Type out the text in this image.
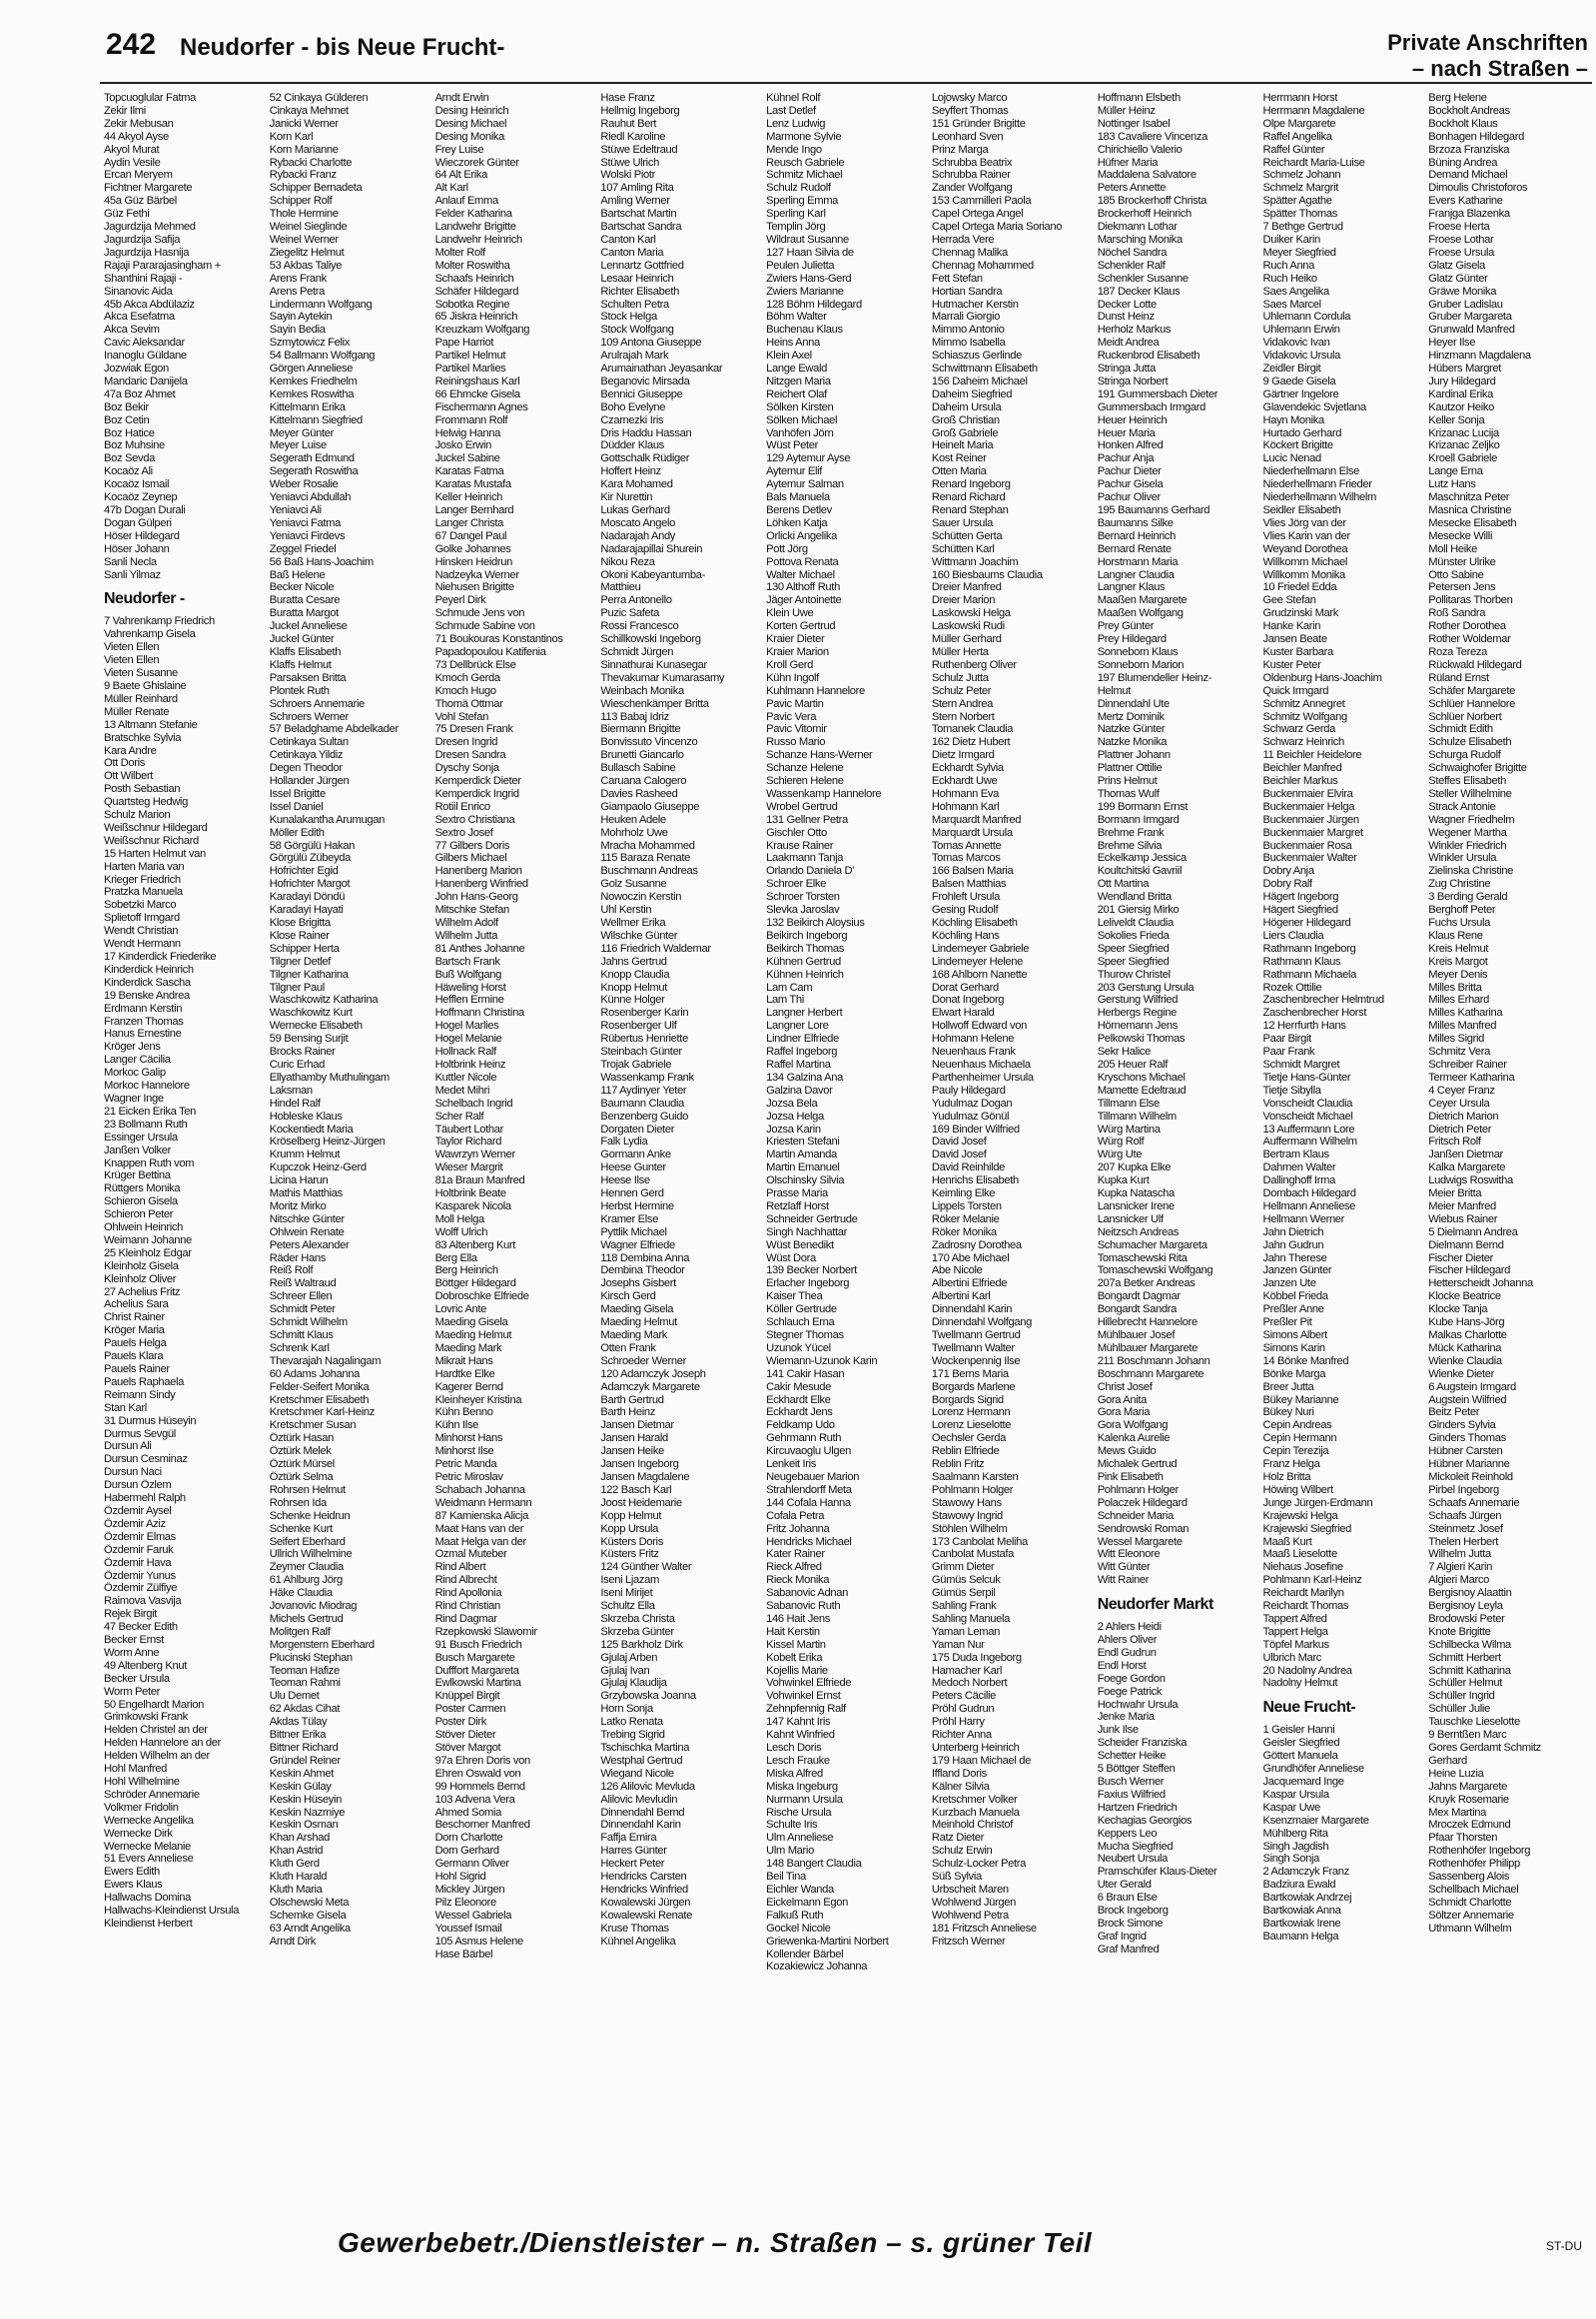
242 Neudorfer - bis Neue Frucht-	Private Anschriften
– nach Straßen –
Topcuoglular Fatma
Zekir Ilmi
Zekir Mebusan
44 Akyol Ayse
Akyol Murat
Aydin Vesile
Ercan Meryem
Fichtner Margarete
45a Güz Bärbel
Güz Fethi
Jagurdzija Mehmed
Jagurdzija Safija
Jagurdzija Hasnija
Rajaji Pararajasingham +
Shanthini Rajaji -
Sinanovic Aida
45b Akca Abdülaziz
Akca Esefatma
Akca Sevim
Cavic Aleksandar
Inanoglu Güldane
Jozwiak Egon
Mandaric Danijela
47a Boz Ahmet
Boz Bekir
Boz Cetin
Boz Hatice
Boz Muhsine
Boz Sevda
Kocaöz Ali
Kocaöz Ismail
Kocaöz Zeynep
47b Dogan Durali
Dogan Gülperi
Höser Hildegard
Höser Johann
Sanli Necla
Sanli Yilmaz
Neudorfer -
7 Vahrenkamp Friedrich
Vahrenkamp Gisela
Vieten Ellen
Vieten Ellen
Vieten Susanne
9 Baete Ghislaine
Müller Reinhard
Müller Renate
13 Altmann Stefanie
Bratschke Sylvia
Kara Andre
Ott Doris
Ott Wilbert
Posth Sebastian
Quartsteg Hedwig
Schulz Marion
Weißschnur Hildegard
Weißschnur Richard
15 Harten Helmut van
Harten Maria van
Krieger Friedrich
Pratzka Manuela
Sobetzki Marco
Splietoff Irmgard
Wendt Christian
Wendt Hermann
17 Kinderdick Friederike
Kinderdick Heinrich
Kinderdick Sascha
19 Benske Andrea
Erdmann Kerstin
Franzen Thomas
Hanus Ernestine
Kröger Jens
Langer Cäcilia
Morkoc Galip
Morkoc Hannelore
Wagner Inge
21 Eicken Erika Ten
23 Bollmann Ruth
Essinger Ursula
Janßen Volker
Knappen Ruth vom
Krüger Bettina
Rüttgers Monika
Schieron Gisela
Schieron Peter
Ohlwein Heinrich
Weimann Johanne
25 Kleinholz Edgar
Kleinholz Gisela
Kleinholz Oliver
27 Achelius Fritz
Achelius Sara
Christ Rainer
Kröger Maria
Pauels Helga
Pauels Klara
Pauels Rainer
Pauels Raphaela
Reimann Sindy
Stan Karl
31 Durmus Hüseyin
Durmus Sevgül
Dursun Ali
Dursun Cesminaz
Dursun Naci
Dursun Özlem
Habermehl Ralph
Özdemir Aysel
Özdemir Aziz
Özdemir Elmas
Özdemir Faruk
Özdemir Hava
Özdemir Yunus
Özdemir Zülfiye
Raimova Vasvija
Rejek Birgit
47 Becker Edith
Becker Ernst
Worm Anne
49 Altenberg Knut
Becker Ursula
Worm Peter
50 Engelhardt Marion
Grimkowski Frank
Helden Christel an der
Helden Hannelore an der
Helden Wilhelm an der
Hohl Manfred
Hohl Wilhelmine
Schröder Annemarie
Volkmer Fridolin
Wernecke Angelika
Wernecke Dirk
Wernecke Melanie
51 Evers Anneliese
Ewers Edith
Ewers Klaus
Hallwachs Domina
Hallwachs-Kleindienst Ursula
Kleindienst Herbert
52 Cinkaya Gülderen
Cinkaya Mehmet
Janicki Werner
Korn Karl
Korn Marianne
Rybacki Charlotte
Rybacki Franz
Schipper Bernadeta
Schipper Rolf
Thole Hermine
Weinel Sieglinde
Weinel Werner
Ziegelitz Helmut
53 Akbas Taliye
Arens Frank
Arens Petra
Lindermann Wolfgang
Sayin Aytekin
Sayin Bedia
Szmytowicz Felix
54 Ballmann Wolfgang
Görgen Anneliese
Kemkes Friedhelm
Kemkes Roswitha
Kittelmann Erika
Kittelmann Siegfried
Meyer Günter
Meyer Luise
Segerath Edmund
Segerath Roswitha
Weber Rosalie
Yeniavci Abdullah
Yeniavci Ali
Yeniavci Fatma
Yeniavci Firdevs
Zeggel Friedel
56 Baß Hans-Joachim
Baß Helene
Becker Nicole
Buratta Cesare
Buratta Margot
Juckel Anneliese
Juckel Günter
Klaffs Elisabeth
Klaffs Helmut
Parsaksen Britta
Plontek Ruth
Schroers Annemarie
Schroers Werner
57 Beladghame Abdelkader
Cetinkaya Sultan
Cetinkaya Yildiz
Degen Theodor
Hollander Jürgen
Issel Brigitte
Issel Daniel
Kunalakantha Arumugan
Möller Edith
58 Görgülü Hakan
Görgülü Zübeyda
Hofrichter Egid
Hofrichter Margot
Karadayi Döndü
Karadayi Hayati
Klose Brigitta
Klose Rainer
Schipper Herta
Tilgner Detlef
Tilgner Katharina
Tilgner Paul
Waschkowitz Katharina
Waschkowitz Kurt
Wernecke Elisabeth
59 Bensing Surjit
Brocks Rainer
Curic Erhad
Ellyathamby Muthulingam
Laksman
Hindel Ralf
Hobleske Klaus
Kockentiedt Maria
Kröselberg Heinz-Jürgen
Krumm Helmut
Kupczok Heinz-Gerd
Licina Harun
Mathis Matthias
Moritz Mirko
Nitschke Günter
Ohlwein Renate
Peters Alexander
Räder Hans
Reiß Rolf
Reiß Waltraud
Schreer Ellen
Schmidt Peter
Schmidt Wilhelm
Schmitt Klaus
Schrenk Karl
Thevarajah Nagalingam
60 Adams Johanna
Felder-Seifert Monika
Kretschmer Elisabeth
Kretschmer Karl-Heinz
Kretschmer Susan
Öztürk Hasan
Öztürk Melek
Öztürk Mürsel
Öztürk Selma
Rohrsen Helmut
Rohrsen Ida
Schenke Heidrun
Schenke Kurt
Seifert Eberhard
Ullrich Wilhelmine
Zeymer Claudia
61 Ahlburg Jörg
Häke Claudia
Jovanovic Miodrag
Michels Gertrud
Molitgen Ralf
Morgenstern Eberhard
Plucinski Stephan
Teoman Hafize
Teoman Rahmi
Ulu Demet
62 Akdas Cihat
Akdas Tülay
Bittner Erika
Bittner Richard
Gründel Reiner
Keskin Ahmet
Keskin Gülay
Keskin Hüseyin
Keskin Nazmiye
Keskin Osman
Khan Arshad
Khan Astrid
Kluth Gerd
Kluth Harald
Kluth Maria
Olschewski Meta
Schemke Gisela
63 Arndt Angelika
Arndt Dirk
Arndt Erwin
Desing Heinrich
Desing Michael
Desing Monika
Frey Luise
Wieczorek Günter
64 Alt Erika
Alt Karl
Anlauf Emma
Felder Katharina
Landwehr Brigitte
Landwehr Heinrich
Molter Rolf
Molter Roswitha
Schaafs Heinrich
Schäfer Hildegard
Sobotka Regine
65 Jiskra Heinrich
Kreuzkam Wolfgang
Pape Harriot
Partikel Helmut
Partikel Marlies
Reiningshaus Karl
66 Ehmcke Gisela
Fischermann Agnes
Frommann Rolf
Helwig Hanna
Josko Erwin
Juckel Sabine
Karatas Fatma
Karatas Mustafa
Keller Heinrich
Langer Bernhard
Langer Christa
67 Dangel Paul
Golke Johannes
Hinsken Heidrun
Nadzeyka Werner
Niehusen Brigitte
Peyerl Dirk
Schmude Jens von
Schmude Sabine von
71 Boukouras Konstantinos
Papadopoulou Katifenia
73 Dellbrück Else
Kmoch Gerda
Kmoch Hugo
Thomä Ottmar
Vohl Stefan
75 Dresen Frank
Dresen Ingrid
Dresen Sandra
Dyschy Sonja
Kemperdick Dieter
Kemperdick Ingrid
Rotiil Enrico
Sextro Christiana
Sextro Josef
77 Gilbers Doris
Gilbers Michael
Hanenberg Marion
Hanenberg Winfried
John Hans-Georg
Mitschke Stefan
Wilhelm Adolf
Wilhelm Jutta
81 Anthes Johanne
Bartsch Frank
Buß Wolfgang
Häweling Horst
Hefflen Ermine
Hoffmann Christina
Hogel Marlies
Hogel Melanie
Hollnack Ralf
Holtbrink Heinz
Kuttler Nicole
Medet Mihri
Schelbach Ingrid
Scher Ralf
Täubert Lothar
Taylor Richard
Wawrzyn Werner
Wieser Margrit
81a Braun Manfred
Holtbrink Beate
Kasparek Nicola
Moll Helga
Wolff Ulrich
83 Altenberg Kurt
Berg Ella
Berg Heinrich
Böttger Hildegard
Dobroschke Elfriede
Lovric Ante
Maeding Gisela
Maeding Helmut
Maeding Mark
Mikrait Hans
Hardtke Elke
Kagerer Bernd
Kleinheyer Kristina
Kühn Benno
Kühn Ilse
Minhorst Hans
Minhorst Ilse
Petric Manda
Petric Miroslav
Schabach Johanna
Weidmann Hermann
87 Kamienska Alicja
Maat Hans van der
Maat Helga van der
Ozmal Muteber
Rind Albert
Rind Albrecht
Rind Apollonia
Rind Christian
Rind Dagmar
Rzepkowski Slawomir
91 Busch Friedrich
Busch Margarete
Dufffort Margareta
Ewlkowski Martina
Knüppel Birgit
Poster Carmen
Poster Dirk
Stöver Dieter
Stöver Margot
97a Ehren Doris von
Ehren Oswald von
99 Hommels Bernd
103 Advena Vera
Ahmed Somia
Beschorner Manfred
Dorn Charlotte
Dorn Gerhard
Germann Oliver
Hohl Sigrid
Mickley Jürgen
Pilz Eleonore
Wessel Gabriela
Youssef Ismail
105 Asmus Helene
Hase Bärbel
Hase Franz
Hellmig Ingeborg
Rauhut Bert
Riedl Karoline
Stüwe Edeltraud
Stüwe Ulrich
Wolski Piotr
107 Amling Rita
Amling Werner
Bartschat Martin
Bartschat Sandra
Canton Karl
Canton Maria
Lennartz Gottfried
Lesaar Heinrich
Richter Elisabeth
Schulten Petra
Stock Helga
Stock Wolfgang
109 Antona Giuseppe
Arulrajah Mark
Arumainathan Jeyasankar
Beganovic Mirsada
Bennici Giuseppe
Boho Evelyne
Czarnezki Iris
Dris Haddu Hassan
Düdder Klaus
Gottschalk Rüdiger
Hoffert Heinz
Kara Mohamed
Kir Nurettin
Lukas Gerhard
Moscato Angelo
Nadarajah Andy
Nadarajapillai Shurein
Nikou Reza
Okoni Kabeyantumba-
Matthieu
Perra Antonello
Puzic Safeta
Rossi Francesco
Schillkowski Ingeborg
Schmidt Jürgen
Sinnathurai Kunasegar
Thevakumar Kumarasamy
Weinbach Monika
Wieschenkämper Britta
113 Babaj Idriz
Biermann Brigitte
Bonvissuto Vincenzo
Brunetti Giancarlo
Bullasch Sabine
Caruana Calogero
Davies Rasheed
Giampaolo Giuseppe
Heuken Adele
Mohrholz Uwe
Mracha Mohammed
115 Baraza Renate
Buschmann Andreas
Golz Susanne
Nowoczin Kerstin
Uhl Kerstin
Wellmer Erika
Wilschke Günter
116 Friedrich Waldemar
Jahns Gertrud
Knopp Claudia
Knopp Helmut
Künne Holger
Rosenberger Karin
Rosenberger Ulf
Rübertus Henriette
Steinbach Günter
Trojak Gabriele
Wassenkamp Frank
117 Aydinyer Yeter
Baumann Claudia
Benzenberg Guido
Dorgaten Dieter
Falk Lydia
Gormann Anke
Heese Gunter
Heese Ilse
Hennen Gerd
Herbst Hermine
Kramer Else
Pyttlik Michael
Wagner Elfriede
118 Dembina Anna
Dembina Theodor
Josephs Gisbert
Kirsch Gerd
Maeding Gisela
Maeding Helmut
Maeding Mark
Otten Frank
Schroeder Werner
120 Adamczyk Joseph
Adamczyk Margarete
Barth Gertrud
Barth Heinz
Jansen Dietmar
Jansen Harald
Jansen Heike
Jansen Ingeborg
Jansen Magdalene
122 Basch Karl
Joost Heidemarie
Kopp Helmut
Kopp Ursula
Küsters Doris
Küsters Fritz
124 Günther Walter
Iseni Ljazam
Iseni Mirijet
Schultz Ella
Skrzeba Christa
Skrzeba Günter
125 Barkholz Dirk
Gjulaj Arben
Gjulaj Ivan
Gjulaj Klaudija
Grzybowska Joanna
Horn Sonja
Latko Renata
Trebing Sigrid
Tschischka Martina
Westphal Gertrud
Wiegand Nicole
126 Alilovic Mevluda
Alilovic Mevludin
Dinnendahl Bernd
Dinnendahl Karin
Faffja Emira
Harres Günter
Heckert Peter
Hendricks Carsten
Hendricks Winfried
Kowalewski Jürgen
Kowalewski Renate
Kruse Thomas
Kühnel Angelika
Kühnel Rolf
Last Detlef
Lenz Ludwig
Marmone Sylvie
Mende Ingo
Reusch Gabriele
Schmitz Michael
Schulz Rudolf
Sperling Emma
Sperling Karl
Templin Jörg
Wildraut Susanne
127 Haan Silvia de
Peulen Julietta
Zwiers Hans-Gerd
Zwiers Marianne
128 Böhm Hildegard
Böhm Walter
Buchenau Klaus
Heins Anna
Klein Axel
Lange Ewald
Nitzgen Maria
Reichert Olaf
Sölken Kirsten
Sölken Michael
Vanhöfen Jörn
Wüst Peter
129 Aytemur Ayse
Aytemur Elif
Aytemur Salman
Bals Manuela
Berens Detlev
Löhken Katja
Orlicki Angelika
Pott Jörg
Pottova Renata
Walter Michael
130 Althoff Ruth
Jäger Antoinette
Klein Uwe
Korten Gertrud
Kraier Dieter
Kraier Marion
Kroll Gerd
Kühn Ingolf
Kuhlmann Hannelore
Pavic Martin
Pavic Vera
Pavic Vitomir
Russo Mario
Schanze Hans-Werner
Schanze Helene
Schieren Helene
Wassenkamp Hannelore
Wrobel Gertrud
131 Gellner Petra
Gischler Otto
Krause Rainer
Laakmann Tanja
Orlando Daniela D'
Schroer Elke
Schroer Torsten
Slevka Jaroslav
132 Beikirch Aloysius
Beikirch Ingeborg
Beikirch Thomas
Kühnen Gertrud
Kühnen Heinrich
Lam Cam
Lam Thi
Langner Herbert
Langner Lore
Lindner Elfriede
Raffel Ingeborg
Raffel Martina
134 Galzina Ana
Galzina Davor
Jozsa Bela
Jozsa Helga
Jozsa Karin
Kriesten Stefani
Martin Amanda
Martin Emanuel
Olschinsky Silvia
Prasse Maria
Retzlaff Horst
Schneider Gertrude
Singh Nachhattar
Wüst Benedikt
Wüst Dora
139 Becker Norbert
Erlacher Ingeborg
Kaiser Thea
Köller Gertrude
Schlauch Erna
Stegner Thomas
Uzunok Yücel
Wiemann-Uzunok Karin
141 Cakir Hasan
Cakir Mesude
Eckhardt Elke
Eckhardt Jens
Feldkamp Udo
Gehrmann Ruth
Kircuvaoglu Ulgen
Lenkeit Iris
Neugebauer Marion
Strahlendorff Meta
144 Cofala Hanna
Cofala Petra
Fritz Johanna
Hendricks Michael
Kater Rainer
Rieck Alfred
Rieck Monika
Sabanovic Adnan
Sabanovic Ruth
146 Hait Jens
Hait Kerstin
Kissel Martin
Kobelt Erika
Kojellis Marie
Vohwinkel Elfriede
Vohwinkel Ernst
Zehnpfennig Ralf
147 Kahnt Iris
Kahnt Winfried
Lesch Doris
Lesch Frauke
Miska Alfred
Miska Ingeburg
Nurmann Ursula
Rische Ursula
Schulte Iris
Ulm Anneliese
Ulm Mario
148 Bangert Claudia
Beil Tina
Eichler Wanda
Eickelmann Egon
Falkuß Ruth
Gockel Nicole
Griewenka-Martini Norbert
Kollender Bärbel
Kozakiewicz Johanna
Lojowsky Marco
Seyffert Thomas
151 Gründer Brigitte
Leonhard Sven
Prinz Marga
Schrubba Beatrix
Schrubba Rainer
Zander Wolfgang
153 Cammilleri Paola
Capel Ortega Angel
Capel Ortega Maria Soriano
Herrada Vere
Chennag Malika
Chennag Mohammed
Fett Stefan
Hortian Sandra
Hutmacher Kerstin
Marrali Giorgio
Mimmo Antonio
Mimmo Isabella
Schiaszus Gerlinde
Schwittmann Elisabeth
156 Daheim Michael
Daheim Siegfried
Daheim Ursula
Groß Christian
Groß Gabriele
Heinelt Maria
Kost Reiner
Otten Maria
Renard Ingeborg
Renard Richard
Renard Stephan
Sauer Ursula
Schütten Gerta
Schütten Karl
Wittmann Joachim
160 Biesbaums Claudia
Dreier Manfred
Dreier Marion
Laskowski Helga
Laskowski Rudi
Müller Gerhard
Müller Herta
Ruthenberg Oliver
Schulz Jutta
Schulz Peter
Stern Andrea
Stern Norbert
Tomanek Claudia
162 Dietz Hubert
Dietz Irmgard
Eckhardt Sylvia
Eckhardt Uwe
Hohmann Eva
Hohmann Karl
Marquardt Manfred
Marquardt Ursula
Tomas Annette
Tomas Marcos
166 Balsen Maria
Balsen Matthias
Frohleft Ursula
Gesing Rudolf
Köchling Elisabeth
Köchling Hans
Lindemeyer Gabriele
Lindemeyer Helene
168 Ahlborn Nanette
Dorat Gerhard
Donat Ingeborg
Elwart Harald
Hollwoff Edward von
Hohmann Helene
Neuenhaus Frank
Neuenhaus Michaela
Parthenheimer Ursula
Pauly Hildegard
Yudulmaz Dogan
Yudulmaz Gönül
169 Binder Wilfried
David Josef
David Josef
David Reinhilde
Henrichs Elisabeth
Keimling Elke
Lippels Torsten
Röker Melanie
Röker Monika
Zadrosny Dorothea
170 Abe Michael
Abe Nicole
Albertini Elfriede
Albertini Karl
Dinnendahl Karin
Dinnendahl Wolfgang
Twellmann Gertrud
Twellmann Walter
Wockenpennig Ilse
171 Berns Maria
Borgards Marlene
Borgards Sigrid
Lorenz Hermann
Lorenz Lieselotte
Oechsler Gerda
Reblin Elfriede
Reblin Fritz
Saalmann Karsten
Pohlmann Holger
Stawowy Hans
Stawowy Ingrid
Stöhlen Wilhelm
173 Canbolat Meliha
Canbolat Mustafa
Grimm Dieter
Gümüs Selcuk
Gümüs Serpil
Sahling Frank
Sahling Manuela
Yaman Leman
Yaman Nur
175 Duda Ingeborg
Hamacher Karl
Medoch Norbert
Peters Cäcilie
Pröhl Gudrun
Pröhl Harry
Richter Anna
Unterberg Heinrich
179 Haan Michael de
Iffland Doris
Kälner Silvia
Kretschmer Volker
Kurzbach Manuela
Meinhold Christof
Ratz Dieter
Schulz Erwin
Schulz-Locker Petra
Süß Sylvia
Urbscheit Maren
Wohlwend Jürgen
Wohlwend Petra
181 Fritzsch Anneliese
Fritzsch Werner
Hoffmann Elsbeth
Müller Heinz
Nottinger Isabel
183 Cavaliere Vincenza
Chirichiello Valerio
Hüfner Maria
Maddalena Salvatore
Peters Annette
185 Brockerhoff Christa
Brockerhoff Heinrich
Diekmann Lothar
Marsching Monika
Nöchel Sandra
Schenkler Ralf
Schenkler Susanne
187 Decker Klaus
Decker Lotte
Dunst Heinz
Herholz Markus
Meidt Andrea
Ruckenbrod Elisabeth
Stringa Jutta
Stringa Norbert
191 Gummersbach Dieter
Gummersbach Irmgard
Heuer Heinrich
Heuer Maria
Honken Alfred
Pachur Anja
Pachur Dieter
Pachur Gisela
Pachur Oliver
195 Baumanns Gerhard
Baumanns Silke
Bernard Heinrich
Bernard Renate
Horstmann Maria
Langner Claudia
Langner Klaus
Maaßen Margarete
Maaßen Wolfgang
Prey Günter
Prey Hildegard
Sonneborn Klaus
Sonneborn Marion
197 Blumendeller Heinz-
Helmut
Dinnendahl Ute
Mertz Dominik
Natzke Günter
Natzke Monika
Plattner Johann
Plattner Ottilie
Prins Helmut
Thomas Wulf
199 Bormann Ernst
Bormann Irmgard
Brehme Frank
Brehme Silvia
Eckelkamp Jessica
Koultchitski Gavriil
Ott Martina
Wendland Britta
201 Giersig Mirko
Leliveldt Claudia
Sokolies Frieda
Speer Siegfried
Speer Siegfried
Thurow Christel
203 Gerstung Ursula
Gerstung Wilfried
Herbergs Regine
Hörnemann Jens
Pelkowski Thomas
Sekr Halice
205 Heuer Ralf
Kryschons Michael
Mamette Edeltraud
Tillmann Else
Tillmann Wilhelm
Würg Martina
Würg Rolf
Würg Ute
207 Kupka Elke
Kupka Kurt
Kupka Natascha
Lansnicker Irene
Lansnicker Ulf
Neitzsch Andreas
Schumacher Margareta
Tomaschewski Rita
Tomaschewski Wolfgang
207a Betker Andreas
Bongardt Dagmar
Bongardt Sandra
Hillebrecht Hannelore
Mühlbauer Josef
Mühlbauer Margarete
211 Boschmann Johann
Boschmann Margarete
Christ Josef
Gora Anita
Gora Maria
Gora Wolfgang
Kalenka Aurelie
Mews Guido
Michalek Gertrud
Pink Elisabeth
Pohlmann Holger
Polaczek Hildegard
Schneider Maria
Sendrowski Roman
Wessel Margarete
Witt Eleonore
Witt Günter
Witt Rainer
Neudorfer Markt
2 Ahlers Heidi
Ahlers Oliver
Endl Gudrun
Endl Horst
Foege Gordon
Foege Patrick
Hochwahr Ursula
Jenke Maria
Junk Ilse
Scheider Franziska
Schetter Heike
5 Böttger Steffen
Busch Werner
Faxius Wilfried
Hartzen Friedrich
Kechagias Georgios
Keppers Leo
Mucha Siegfried
Neubert Ursula
Pramschüfer Klaus-Dieter
Uter Gerald
6 Braun Else
Brock Ingeborg
Brock Simone
Graf Ingrid
Graf Manfred
Herrmann Horst
Herrmann Magdalene
Olpe Margarete
Raffel Angelika
Raffel Günter
Reichardt Maria-Luise
Schmelz Johann
Schmelz Margrit
Spätter Agathe
Spätter Thomas
7 Bethge Gertrud
Duiker Karin
Meyer Siegfried
Ruch Anna
Ruch Heiko
Saes Angelika
Saes Marcel
Uhlemann Cordula
Uhlemann Erwin
Vidakovic Ivan
Vidakovic Ursula
Zeidler Birgit
9 Gaede Gisela
Gärtner Ingelore
Glavendekic Svjetlana
Hayn Monika
Hurtado Gerhard
Köckert Brigitte
Lucic Nenad
Niederhellmann Else
Niederhellmann Frieder
Niederhellmann Wilhelm
Seidler Elisabeth
Vlies Jörg van der
Vlies Karin van der
Weyand Dorothea
Willkomm Michael
Willkomm Monika
10 Friedel Edda
Gee Stefan
Grudzinski Mark
Hanke Karin
Jansen Beate
Kuster Barbara
Kuster Peter
Oldenburg Hans-Joachim
Quick Irmgard
Schmitz Annegret
Schmitz Wolfgang
Schwarz Gerda
Schwarz Heinrich
11 Beichler Heidelore
Beichler Manfred
Beichler Markus
Buckenmaier Elvira
Buckenmaier Helga
Buckenmaier Jürgen
Buckenmaier Margret
Buckenmaier Rosa
Buckenmaier Walter
Dobry Anja
Dobry Ralf
Hägert Ingeborg
Hägert Siegfried
Högener Hildegard
Liers Claudia
Rathmann Ingeborg
Rathmann Klaus
Rathmann Michaela
Rozek Ottilie
Zaschenbrecher Helmtrud
Zaschenbrecher Horst
12 Herrfurth Hans
Paar Birgit
Paar Frank
Schmidt Margret
Tietje Hans-Günter
Tietje Sibylla
Vonscheidt Claudia
Vonscheidt Michael
13 Auffermann Lore
Auffermann Wilhelm
Bertram Klaus
Dahmen Walter
Dallinghoff Irma
Dornbach Hildegard
Hellmann Anneliese
Hellmann Werner
Jahn Dietrich
Jahn Gudrun
Jahn Therese
Janzen Günter
Janzen Ute
Köbbel Frieda
Preßler Anne
Preßler Pit
Simons Albert
Simons Karin
14 Bönke Manfred
Bönke Marga
Breer Jutta
Bükey Marianne
Bükey Nuri
Cepin Andreas
Cepin Hermann
Cepin Terezija
Franz Helga
Holz Britta
Höwing Wilbert
Junge Jürgen-Erdmann
Krajewski Helga
Krajewski Siegfried
Maaß Kurt
Maaß Lieselotte
Niehaus Josefine
Pohlmann Karl-Heinz
Reichardt Marilyn
Reichardt Thomas
Tappert Alfred
Tappert Helga
Töpfel Markus
Ulbrich Marc
20 Nadolny Andrea
Nadolny Helmut
Neue Frucht-
1 Geisler Hanni
Geisler Siegfried
Göttert Manuela
Grundhöfer Anneliese
Jacquemard Inge
Kaspar Ursula
Kaspar Uwe
Ksenzmaier Margarete
Mühlberg Rita
Singh Jagdish
Singh Sonja
2 Adamczyk Franz
Badziura Ewald
Bartkowiak Andrzej
Bartkowiak Anna
Bartkowiak Irene
Baumann Helga
Berg Helene
Bockholt Andreas
Bockholt Klaus
Bonhagen Hildegard
Brzoza Franziska
Büning Andrea
Demand Michael
Dimoulis Christoforos
Evers Katharine
Franjga Blazenka
Froese Herta
Froese Lothar
Froese Ursula
Glatz Gisela
Glatz Günter
Gräwe Monika
Gruber Ladislau
Gruber Margareta
Grunwald Manfred
Heyer Ilse
Hinzmann Magdalena
Hübers Margret
Jury Hildegard
Kardinal Erika
Kautzor Heiko
Keller Sonja
Krizanac Lucija
Krizanac Zeljko
Kroell Gabriele
Lange Erna
Lutz Hans
Maschnitza Peter
Masnica Christine
Mesecke Elisabeth
Mesecke Willi
Moll Heike
Münster Ulrike
Otto Sabine
Petersen Jens
Pollitaras Thorben
Roß Sandra
Rother Dorothea
Rother Woldemar
Roza Tereza
Rückwald Hildegard
Rüland Ernst
Schäfer Margarete
Schlüer Hannelore
Schlüer Norbert
Schmidt Edith
Schulze Elisabeth
Schurga Rudolf
Schwaighofer Brigitte
Steffes Elisabeth
Steller Wilhelmine
Strack Antonie
Wagner Friedhelm
Wegener Martha
Winkler Friedrich
Winkler Ursula
Zielinska Christine
Zug Christine
3 Berding Gerald
Berghoff Peter
Fuchs Ursula
Klaus Rene
Kreis Helmut
Kreis Margot
Meyer Denis
Milles Britta
Milles Erhard
Milles Katharina
Milles Manfred
Milles Sigrid
Schmitz Vera
Schreiber Rainer
Termeer Katharina
4 Ceyer Franz
Ceyer Ursula
Dietrich Marion
Dietrich Peter
Fritsch Rolf
Janßen Dietmar
Kalka Margarete
Ludwigs Roswitha
Meier Britta
Meier Manfred
Wiebus Rainer
5 Dielmann Andrea
Dielmann Bernd
Fischer Dieter
Fischer Hildegard
Hetterscheidt Johanna
Klocke Beatrice
Klocke Tanja
Kube Hans-Jörg
Malkas Charlotte
Mück Katharina
Wienke Claudia
Wienke Dieter
6 Augstein Irmgard
Augstein Wilfried
Beitz Peter
Ginders Sylvia
Ginders Thomas
Hübner Carsten
Hübner Marianne
Mickoleit Reinhold
Pirbel Ingeborg
Schaafs Annemarie
Schaafs Jürgen
Steinmetz Josef
Thelen Herbert
Wilhelm Jutta
7 Algieri Karin
Algieri Marco
Bergisnoy Alaattin
Bergisnoy Leyla
Brodowski Peter
Knote Brigitte
Schilbecka Wilma
Schmitt Herbert
Schmitt Katharina
Schüller Helmut
Schüller Ingrid
Schüller Julie
Tauschke Lieselotte
9 Berntßen Marc
Gores Gerdamt Schmitz
Gerhard
Heine Luzia
Jahns Margarete
Kruyk Rosemarie
Mex Martina
Mroczek Edmund
Pfaar Thorsten
Rothenhöfer Ingeborg
Rothenhöfer Philipp
Sassenberg Alois
Schellbach Michael
Schmidt Charlotte
Söltzer Annemarie
Uthmann Wilhelm
Gewerbebetr./Dienstleister – n. Straßen – s. grüner Teil	ST-DU
